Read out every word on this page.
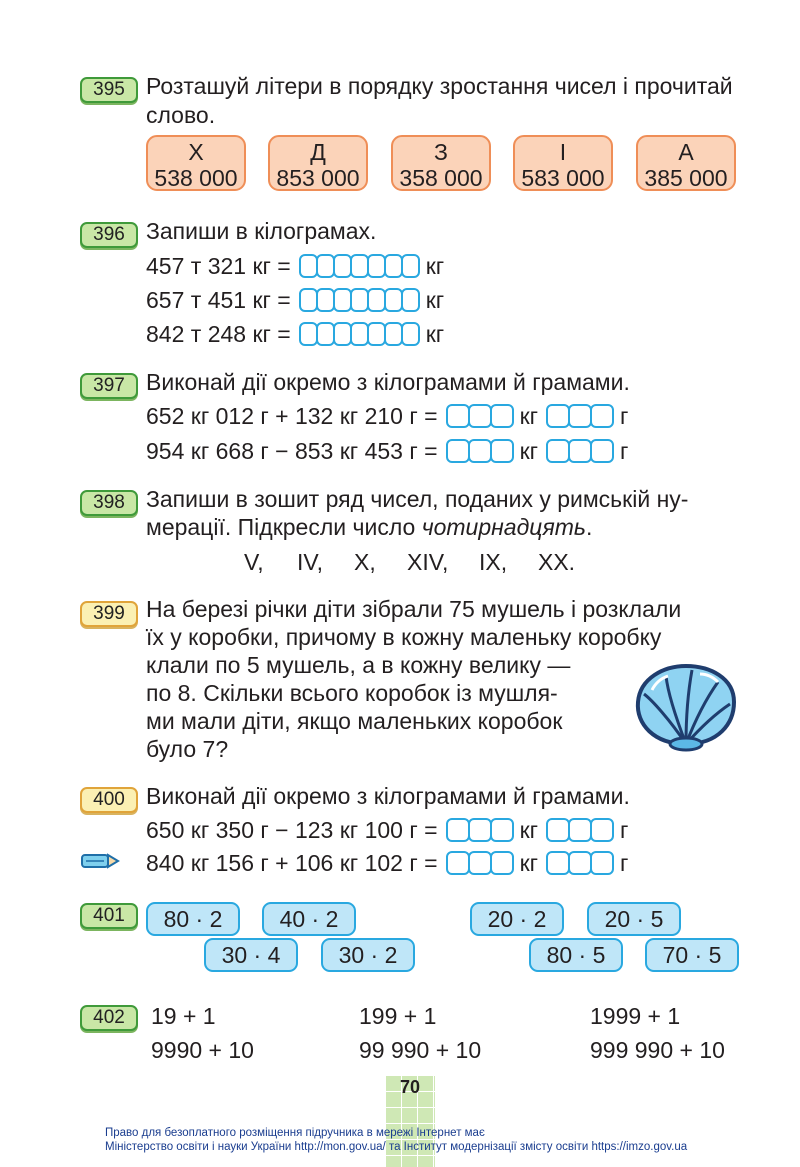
395 Розташуй літери в порядку зростання чисел і прочитай
слово.
Х
538 000
Д
853 000
З
358 000
І
583 000
А
385 000
396 Запиши в кілограмах.
457 т 321 кг =	кг
657 т 451 кг =	кг
842 т 248 кг =	кг
397 Виконай дії окремо з кілограмами й грамами.
652 кг 012 г + 132 кг 210 г =	кг	г
954 кг 668 г − 853 кг 453 г =	кг	г
398 Запиши в зошит ряд чисел, поданих у римській ну-
мерації. Підкресли число чотирнадцять.
V, IV, X, XIV, IX, XX.
399 На березі річки діти зібрали 75 мушель і розклали
їх у коробки, причому в кожну маленьку коробку
клали по 5 мушель, а в кожну велику —
по 8. Скільки всього коробок із мушля-
ми мали діти, якщо маленьких коробок
було 7?
400 Виконай дії окремо з кілограмами й грамами.
650 кг 350 г − 123 кг 100 г =	кг	г
840 кг 156 г + 106 кг 102 г =	кг	г
401	80 · 2	40 · 2
30 · 4	30 · 2
20 · 2	20 · 5
80 · 5	70 · 5
402	19 + 1	199 + 1	1999 + 1
9990 + 10	99 990 + 10	999 990 + 10
70
Право для безоплатного розміщення підручника в мережі Інтернет має
Міністерство освіти і науки України http://mon.gov.ua/ та Інститут модернізації змісту освіти https://imzo.gov.ua
